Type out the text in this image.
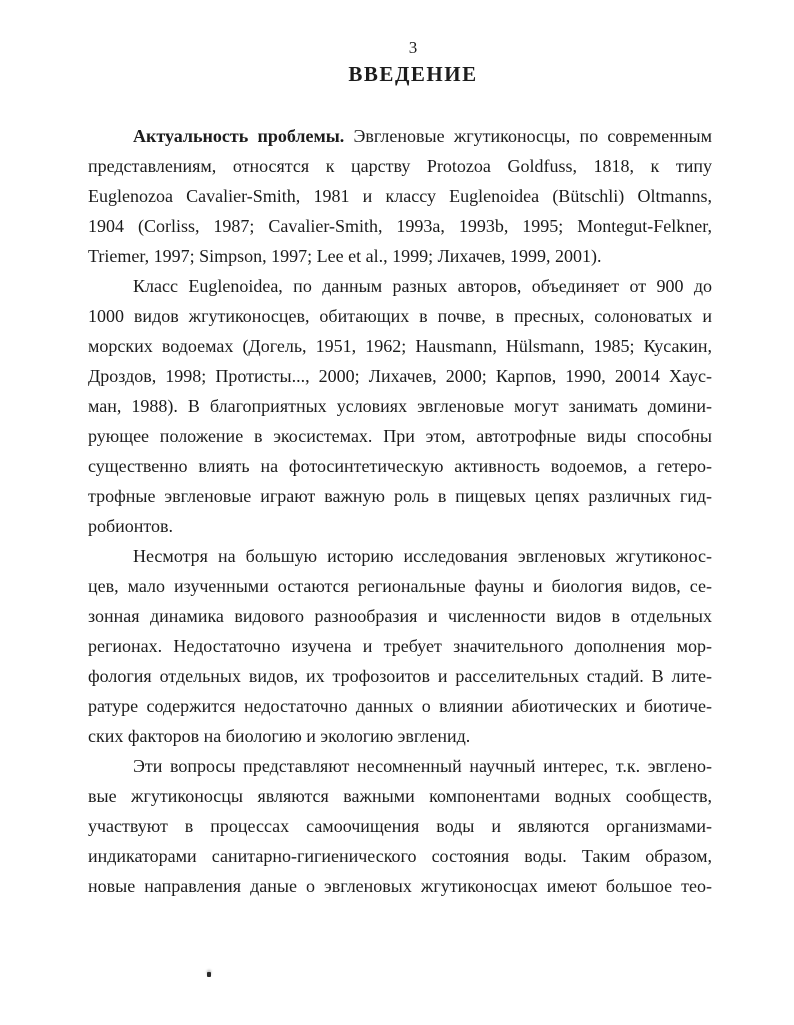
3
ВВЕДЕНИЕ
Актуальность проблемы. Эвгленовые жгутиконосцы, по современным
представлениям, относятся к царству Protozoa Goldfuss, 1818, к типу
Euglenozoa Cavalier-Smith, 1981 и классу Euglenoidea (Bütschli) Oltmanns,
1904 (Corliss, 1987; Cavalier-Smith, 1993a, 1993b, 1995; Montegut-Felkner,
Triemer, 1997; Simpson, 1997; Lee et al., 1999; Лихачев, 1999, 2001).
Класс Euglenoidea, по данным разных авторов, объединяет от 900 до
1000 видов жгутиконосцев, обитающих в почве, в пресных, солоноватых и
морских водоемах (Догель, 1951, 1962; Hausmann, Hülsmann, 1985; Кусакин,
Дроздов, 1998; Протисты..., 2000; Лихачев, 2000; Карпов, 1990, 20014 Хаус-
ман, 1988). В благоприятных условиях эвгленовые могут занимать домини-
рующее положение в экосистемах. При этом, автотрофные виды способны
существенно влиять на фотосинтетическую активность водоемов, а гетеро-
трофные эвгленовые играют важную роль в пищевых цепях различных гид-
робионтов.
Несмотря на большую историю исследования эвгленовых жгутиконос-
цев, мало изученными остаются региональные фауны и биология видов, се-
зонная динамика видового разнообразия и численности видов в отдельных
регионах. Недостаточно изучена и требует значительного дополнения мор-
фология отдельных видов, их трофозоитов и расселительных стадий. В лите-
ратуре содержится недостаточно данных о влиянии абиотических и биотиче-
ских факторов на биологию и экологию эвгленид.
Эти вопросы представляют несомненный научный интерес, т.к. эвглено-
вые жгутиконосцы являются важными компонентами водных сообществ,
участвуют в процессах самоочищения воды и являются организмами-
индикаторами санитарно-гигиенического состояния воды. Таким образом,
новые направления даные о эвгленовых жгутиконосцах имеют большое тео-
